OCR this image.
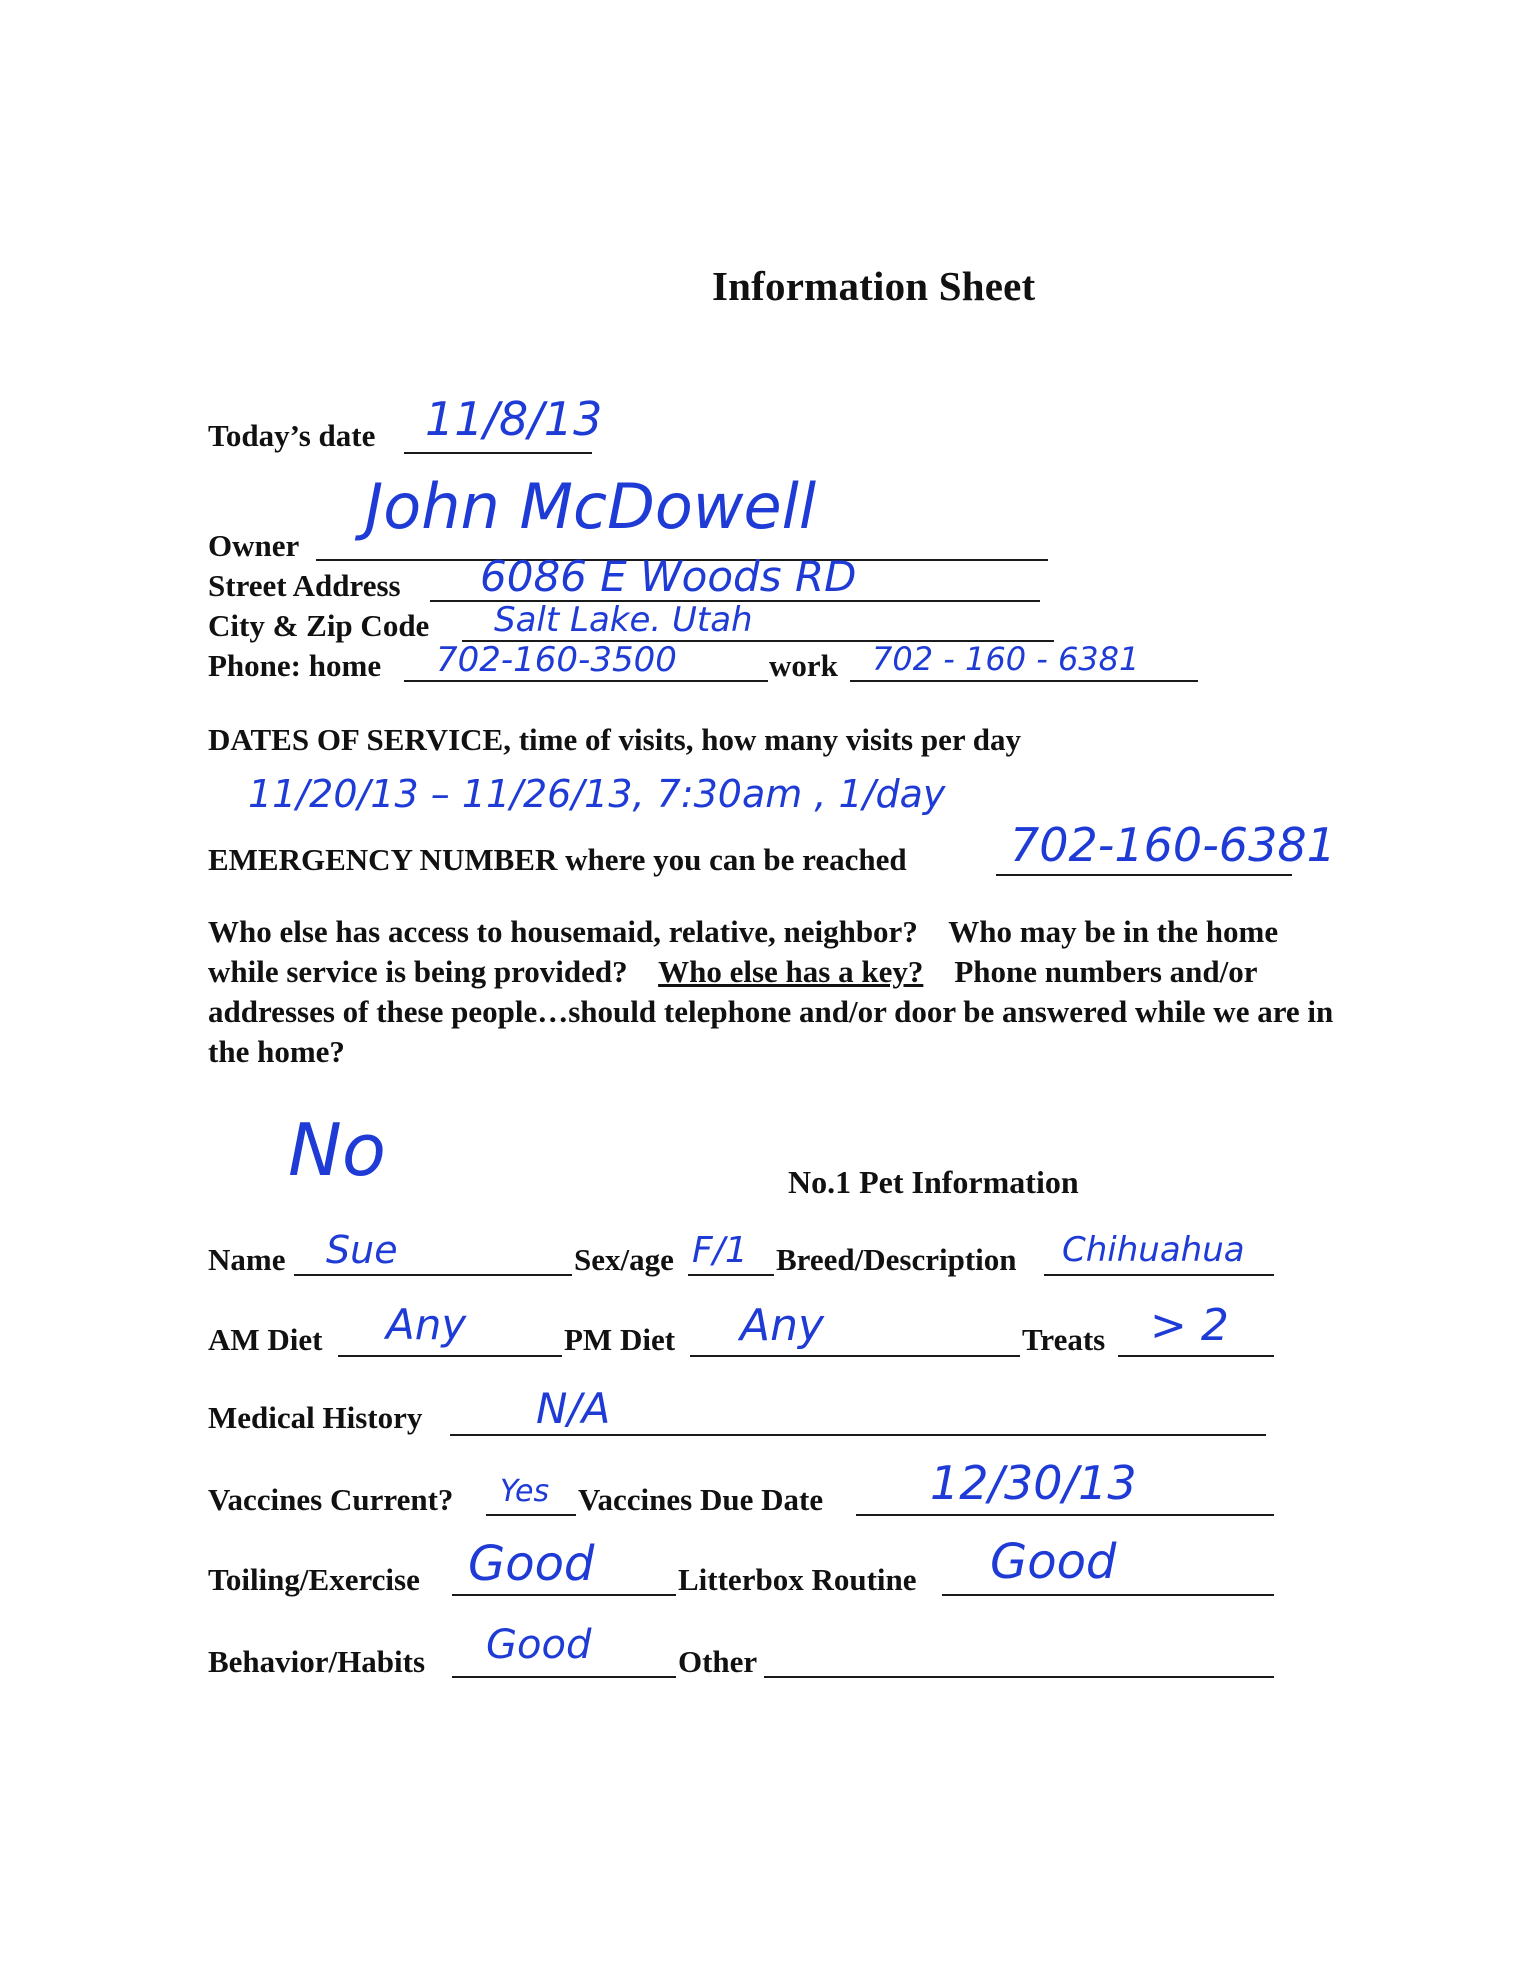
Information Sheet
Today’s date 11/8/13
Owner
John McDowell
Street Address 6086 E Woods RD
City & Zip Code Salt Lake. Utah
Phone: home 702-160-3500	work 702 - 160 - 6381
DATES OF SERVICE, time of visits, how many visits per day
11/20/13 – 11/26/13, 7:30am , 1/day
EMERGENCY NUMBER where you can be reached 702-160-6381
Who else has access to housemaid, relative, neighbor?    Who may be in the home while service is being provided?    Who else has a key?    Phone numbers and/or addresses of these people…should telephone and/or door be answered while we are in the home?
No	No.1 Pet Information
Name Sue	Sex/age F/1 Breed/Description Chihuahua
AM Diet Any	PM Diet Any	Treats > 2
Medical History	N/A
Vaccines Current? Yes Vaccines Due Date 12/30/13
Toiling/Exercise Good	Litterbox Routine Good
Behavior/Habits Good	Other
